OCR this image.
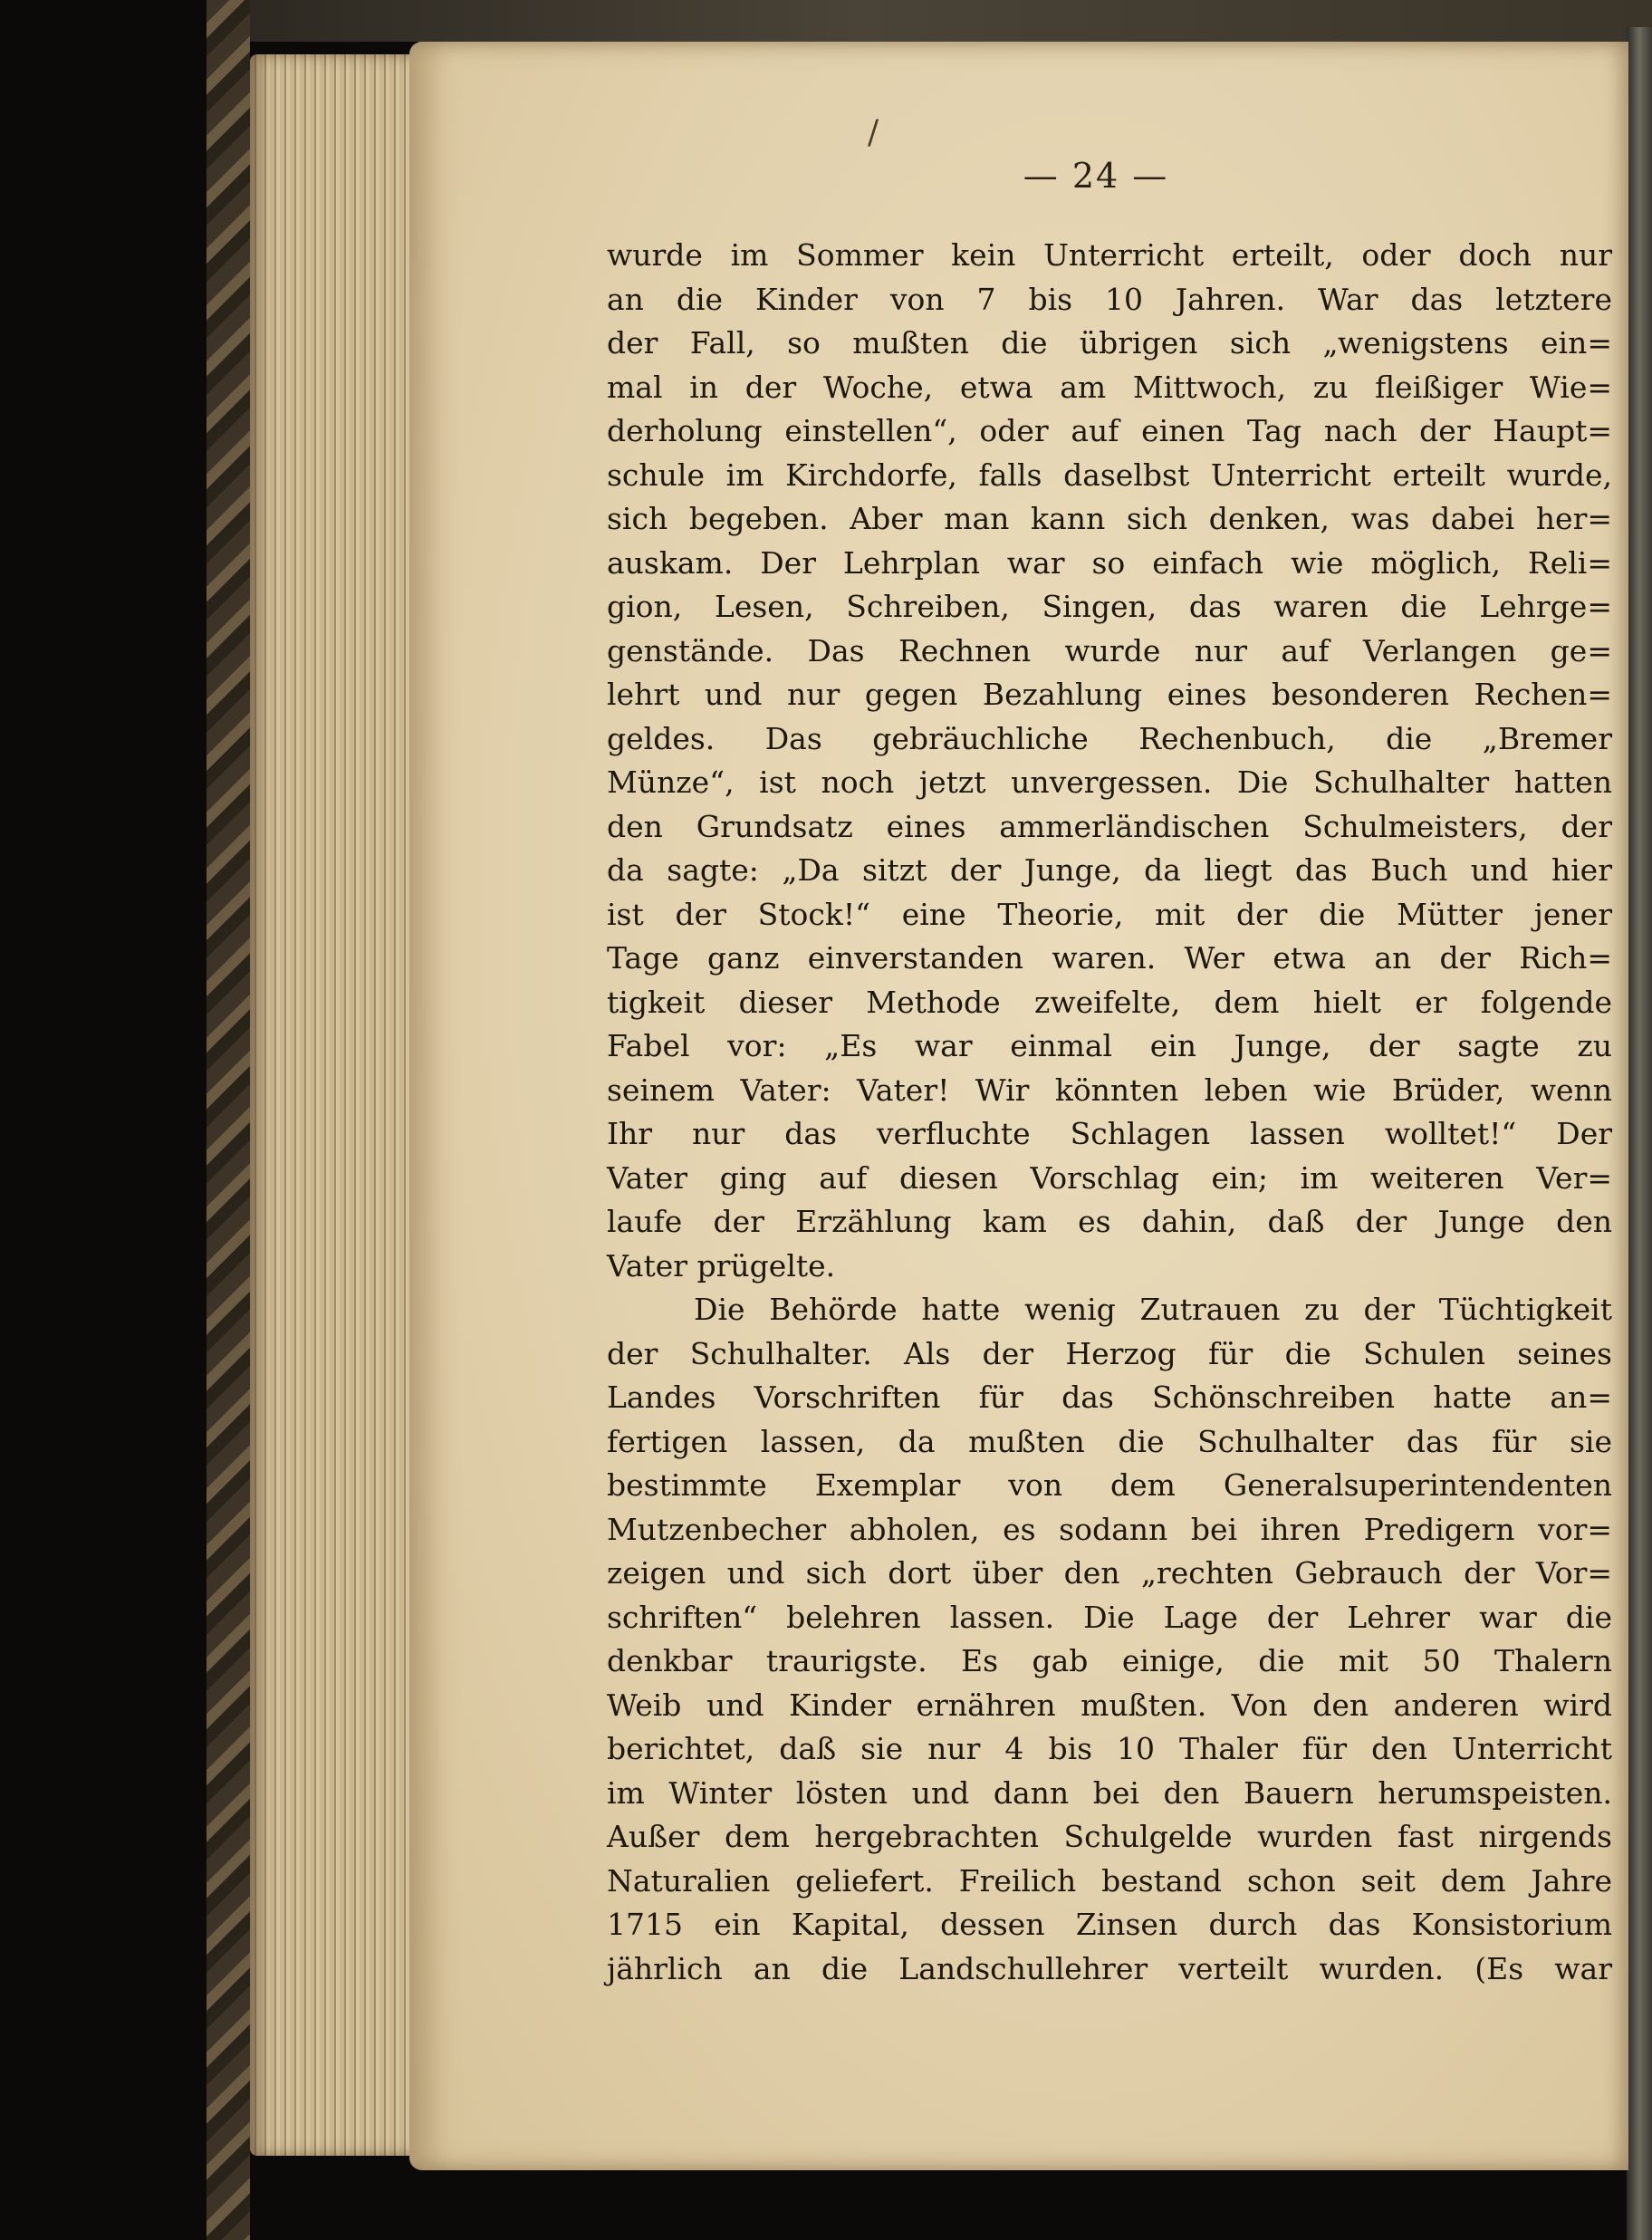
/
— 24 —
wurde im Sommer kein Unterricht erteilt, oder doch nur
an die Kinder von 7 bis 10 Jahren. War das letztere
der Fall, so mußten die übrigen sich „wenigstens ein=
mal in der Woche, etwa am Mittwoch, zu fleißiger Wie=
derholung einstellen“, oder auf einen Tag nach der Haupt=
schule im Kirchdorfe, falls daselbst Unterricht erteilt wurde,
sich begeben. Aber man kann sich denken, was dabei her=
auskam. Der Lehrplan war so einfach wie möglich, Reli=
gion, Lesen, Schreiben, Singen, das waren die Lehrge=
genstände. Das Rechnen wurde nur auf Verlangen ge=
lehrt und nur gegen Bezahlung eines besonderen Rechen=
geldes. Das gebräuchliche Rechenbuch, die „Bremer
Münze“, ist noch jetzt unvergessen. Die Schulhalter hatten
den Grundsatz eines ammerländischen Schulmeisters, der
da sagte: „Da sitzt der Junge, da liegt das Buch und hier
ist der Stock!“ eine Theorie, mit der die Mütter jener
Tage ganz einverstanden waren. Wer etwa an der Rich=
tigkeit dieser Methode zweifelte, dem hielt er folgende
Fabel vor: „Es war einmal ein Junge, der sagte zu
seinem Vater: Vater! Wir könnten leben wie Brüder, wenn
Ihr nur das verfluchte Schlagen lassen wolltet!“ Der
Vater ging auf diesen Vorschlag ein; im weiteren Ver=
laufe der Erzählung kam es dahin, daß der Junge den
Vater prügelte.
Die Behörde hatte wenig Zutrauen zu der Tüchtigkeit
der Schulhalter. Als der Herzog für die Schulen seines
Landes Vorschriften für das Schönschreiben hatte an=
fertigen lassen, da mußten die Schulhalter das für sie
bestimmte Exemplar von dem Generalsuperintendenten
Mutzenbecher abholen, es sodann bei ihren Predigern vor=
zeigen und sich dort über den „rechten Gebrauch der Vor=
schriften“ belehren lassen. Die Lage der Lehrer war die
denkbar traurigste. Es gab einige, die mit 50 Thalern
Weib und Kinder ernähren mußten. Von den anderen wird
berichtet, daß sie nur 4 bis 10 Thaler für den Unterricht
im Winter lösten und dann bei den Bauern herumspeisten.
Außer dem hergebrachten Schulgelde wurden fast nirgends
Naturalien geliefert. Freilich bestand schon seit dem Jahre
1715 ein Kapital, dessen Zinsen durch das Konsistorium
jährlich an die Landschullehrer verteilt wurden. (Es war
